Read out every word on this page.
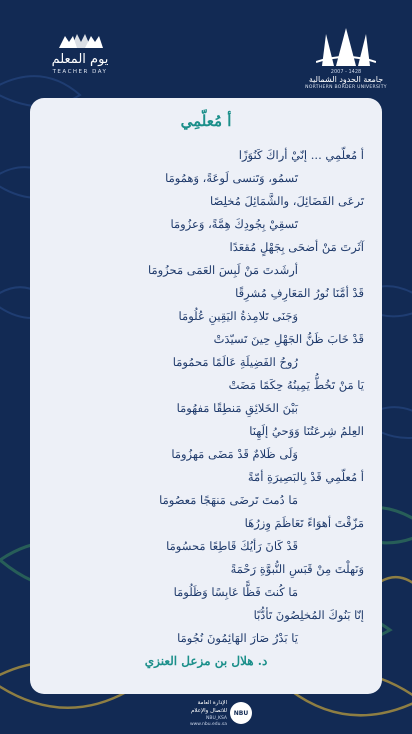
يوم المعلم
TEACHER DAY	2007 - 1428
جامعة الحدود الشمالية
NORTHERN BORDER UNIVERSITY
أ مُعلّمِي
أ مُعلّمِي ... إنّيْ أراكَ كَنُوَزًا
تَسمُو، وَتَنسى لَوعَةً، وَهمُومَا
تَرعَى الفَضَائِلَ، والشَّمَائِلَ مُخلِصًا
تَسقِيْ بِجُودِكَ هِمَّةً، وَعزُومَا
آثَرتَ مَنْ أضحَى بِجَهْلٍ مُقعَدًا
أرشَدتَ مَنْ لَبِسَ العَمَى مَحزُومَا
قَدْ أمَّنَا نُورُ المَعَارِفِ مُشرِقًا
وَجَنَى تَلامِذةُ اليَقِينِ عُلُومَا
قَدْ خَابَ ظَنُّ الجَهْلِ حِينَ تَسيّدَتْ
رُوحُ الفَضِيلَةِ عَالَمًا مَحمُومَا
يَا مَنْ تَخُطُّ يَمِينُهُ حِكَمًا مَضَتْ
بَيْنَ الخَلائِقِ مَنطِقًا مَفهُومَا
العِلمُ شِرعَتُنَا وَوَحيُ إلَهِنَا
وَلَى ظَلامٌ قَدْ مَضَى مَهزُومَا
أ مُعلّمِي قَدْ بِالبَصِيرَةِ أمّةً
مَا دُمتَ تَرضَى مَنهَجًا مَعصُومَا
مَزّقْتَ أهوَاءً تَعَاظَمَ وِزرُهَا
قَدْ كَانَ رَأيُكَ قَاطِعًا مَحسُومَا
وَنَهلْتَ مِنْ قَبَسِ النُّبوَّةِ رَحْمَةً
مَا كُنتَ فَظًّا عَابِسًا وَظَلُومَا
إنّا بَنُوكَ المُخلِصُونَ تَأدُّبًا
يَا بَدْرُ صَارَ الهَائِمُونَ نُجُومَا
د. هلال بن مزعل العنزي
NBU
الإدارة العامة
للاتصال والإعلام
NBU_KSA
www.nbu.edu.sa
